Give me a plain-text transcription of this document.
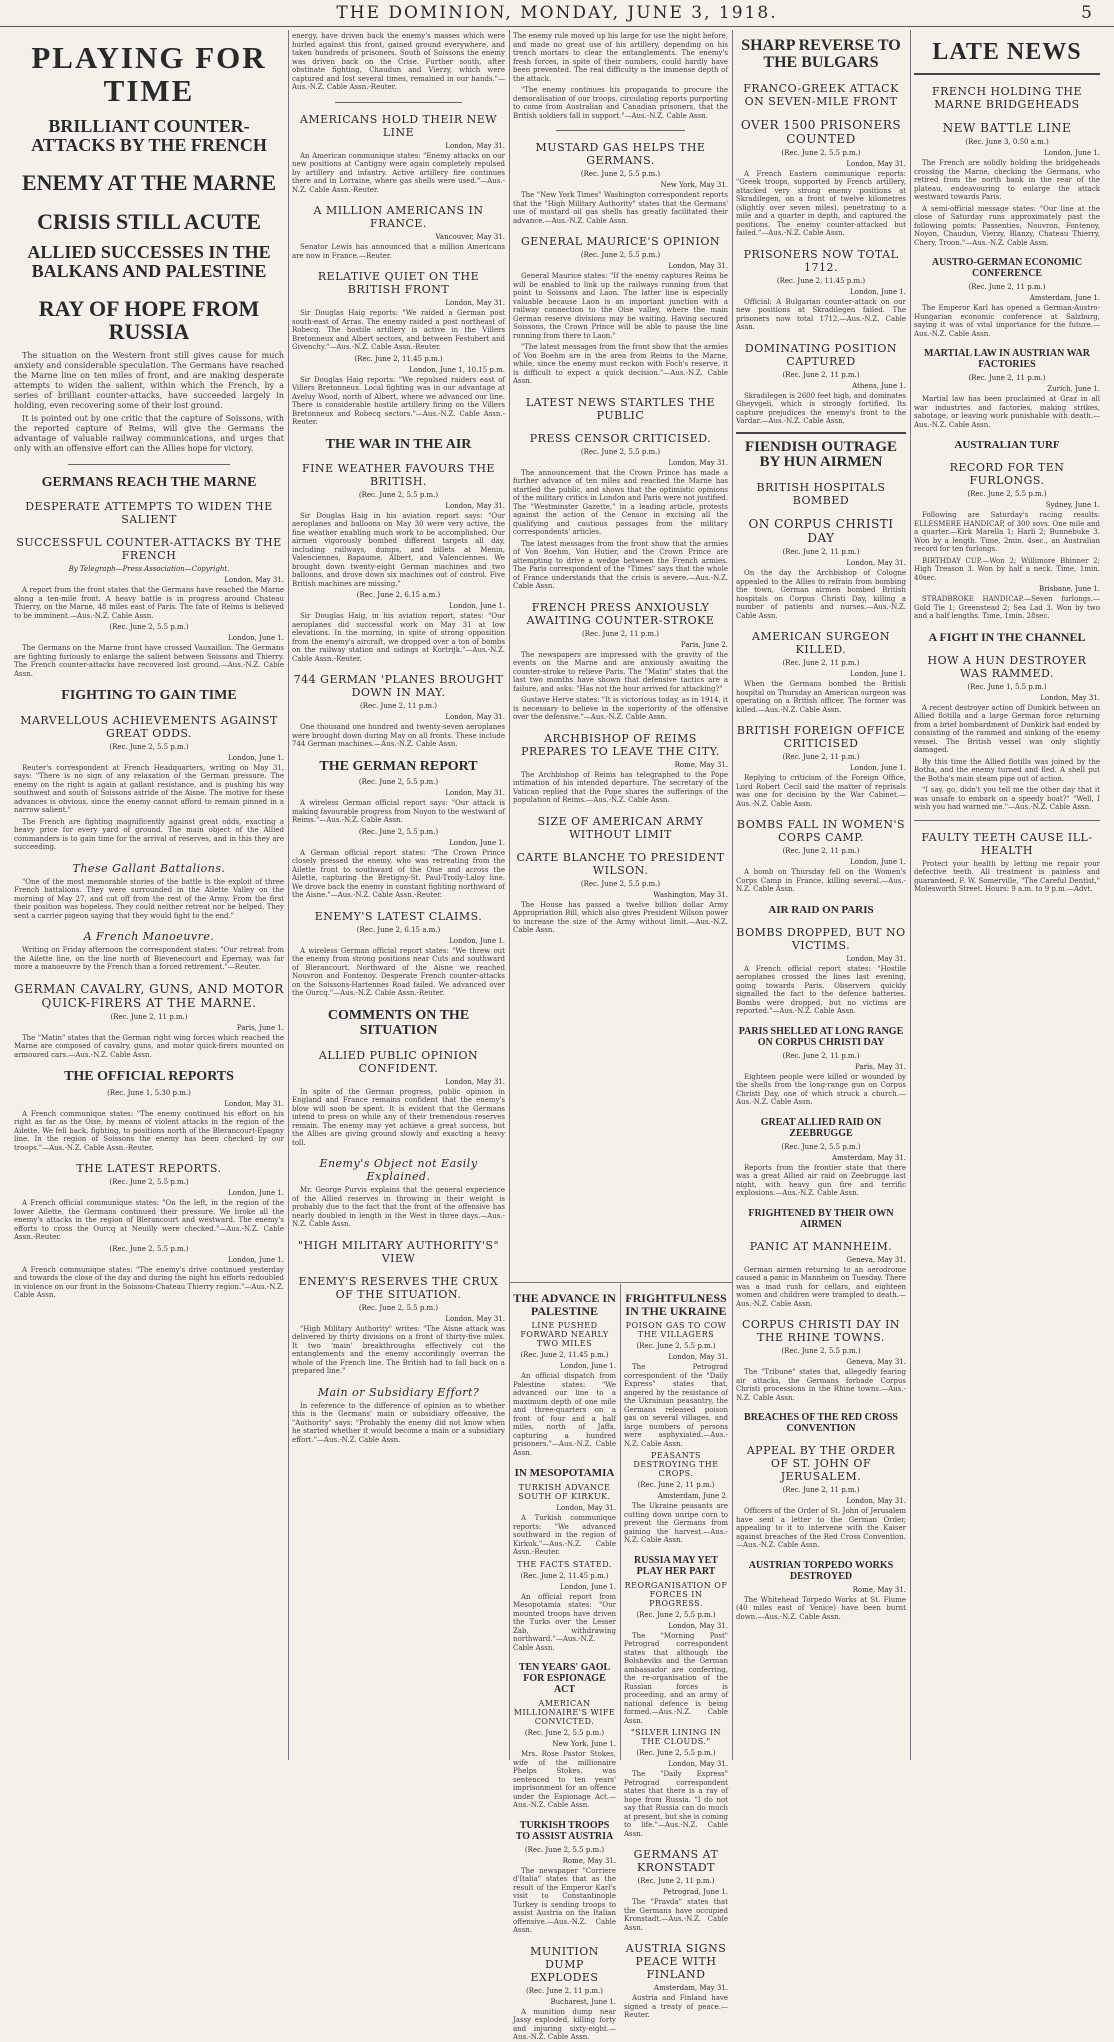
THE DOMINION, MONDAY, JUNE 3, 1918.	5
PLAYING FOR TIME
BRILLIANT COUNTER-ATTACKS BY THE FRENCH
ENEMY AT THE MARNE
CRISIS STILL ACUTE
ALLIED SUCCESSES IN THE BALKANS AND PALESTINE
RAY OF HOPE FROM RUSSIA

The situation on the Western front still gives cause for much anxiety and considerable speculation. The Germans have reached the Marne line on ten miles of front, and are making desperate attempts to widen the salient, within which the French, by a series of brilliant counter-attacks, have succeeded largely in holding, even recovering some of their lost ground.

It is pointed out by one critic that the capture of Soissons, with the reported capture of Reims, will give the Germans the advantage of valuable railway communications, and urges that only with an offensive effort can the Allies hope for victory.

GERMANS REACH THE MARNE
DESPERATE ATTEMPTS TO WIDEN THE SALIENT
SUCCESSFUL COUNTER-ATTACKS BY THE FRENCH
By Telegraph—Press Association—Copyright.
London, May 31.

A report from the front states that the Germans have reached the Marne along a ten-mile front. A heavy battle is in progress around Chateau Thierry, on the Marne, 48 miles east of Paris. The fate of Reims is believed to be imminent.—Aus.-N.Z. Cable Assn.

(Rec. June 2, 5.5 p.m.)
London, June 1.

The Germans on the Marne front have crossed Vauxaillon. The Germans are fighting furiously to enlarge the salient between Soissons and Thierry. The French counter-attacks have recovered lost ground.—Aus.-N.Z. Cable Assn.

FIGHTING TO GAIN TIME
MARVELLOUS ACHIEVEMENTS AGAINST GREAT ODDS.
(Rec. June 2, 5.5 p.m.)
London, June 1.

Reuter's correspondent at French Headquarters, writing on May 31, says: "There is no sign of any relaxation of the German pressure. The enemy on the right is again at gallant resistance, and is pushing his way southwest and south of Soissons astride of the Aisne. The motive for these advances is obvious, since the enemy cannot afford to remain pinned in a narrow salient."

The French are fighting magnificently against great odds, exacting a heavy price for every yard of ground. The main object of the Allied commanders is to gain time for the arrival of reserves, and in this they are succeeding.

These Gallant Battalions.

"One of the most memorable stories of the battle is the exploit of three French battalions. They were surrounded in the Ailette Valley on the morning of May 27, and cut off from the rest of the Army. From the first their position was hopeless. They could neither retreat nor be helped. They sent a carrier pigeon saying that they would fight to the end."

A French Manoeuvre.

Writing on Friday afternoon the correspondent states: "Our retreat from the Ailette line, on the line north of Bievenecourt and Epernay, was far more a manoeuvre by the French than a forced retirement."—Reuter.

GERMAN CAVALRY, GUNS, AND MOTOR QUICK-FIRERS AT THE MARNE.
(Rec. June 2, 11 p.m.)
Paris, June 1.

The "Matin" states that the German right wing forces which reached the Marne are composed of cavalry, guns, and motor quick-firers mounted on armoured cars.—Aus.-N.Z. Cable Assn.

THE OFFICIAL REPORTS
(Rec. June 1, 5.30 p.m.)
London, May 31.

A French communique states: "The enemy continued his effort on his right as far as the Oise, by means of violent attacks in the region of the Ailette. We fell back, fighting, to positions north of the Blerancourt-Epagny line. In the region of Soissons the enemy has been checked by our troops."—Aus.-N.Z. Cable Assn.-Reuter.

THE LATEST REPORTS.
(Rec. June 2, 5.5 p.m.)
London, June 1.

A French official communique states: "On the left, in the region of the lower Ailette, the Germans continued their pressure. We broke all the enemy's attacks in the region of Blerancourt and westward. The enemy's efforts to cross the Ourcq at Neuilly were checked."—Aus.-N.Z. Cable Assn.-Reuter.

(Rec. June 2, 5.5 p.m.)
London, June 1.

A French communique states: "The enemy's drive continued yesterday and towards the close of the day and during the night his efforts redoubled in violence on our front in the Soissons-Chateau Thierry region."—Aus.-N.Z. Cable Assn.

energy, have driven back the enemy's masses which were hurled against this front, gained ground everywhere, and taken hundreds of prisoners. South of Soissons the enemy was driven back on the Crise. Further south, after obstinate fighting, Chaudun and Vierzy, which were captured and lost several times, remained in our hands."—Aus.-N.Z. Cable Assn.-Reuter.

AMERICANS HOLD THEIR NEW LINE
London, May 31.

An American communique states: "Enemy attacks on our new positions at Cantigny were again completely repulsed by artillery and infantry. Active artillery fire continues there and in Lorraine, where gas shells were used."—Aus.-N.Z. Cable Assn.-Reuter.

A MILLION AMERICANS IN FRANCE.
Vancouver, May 31.

Senator Lewis has announced that a million Americans are now in France.—Reuter.

RELATIVE QUIET ON THE BRITISH FRONT
London, May 31.

Sir Douglas Haig reports: "We raided a German post south-east of Arras. The enemy raided a post northeast of Robecq. The hostile artillery is active in the Villers Bretonneux and Albert sectors, and between Festubert and Givenchy."—Aus.-N.Z. Cable Assn.-Reuter.

(Rec. June 2, 11.45 p.m.)
London, June 1, 10.15 p.m.

Sir Douglas Haig reports: "We repulsed raiders east of Villers Bretonneux. Local fighting was in our advantage at Aveluy Wood, north of Albert, where we advanced our line. There is considerable hostile artillery firing on the Villers Bretonneux and Robecq sectors."—Aus.-N.Z. Cable Assn.-Reuter.

THE WAR IN THE AIR
FINE WEATHER FAVOURS THE BRITISH.
(Rec. June 2, 5.5 p.m.)
London, May 31.

Sir Douglas Haig in his aviation report says: "Our aeroplanes and balloons on May 30 were very active, the fine weather enabling much work to be accomplished. Our airmen vigorously bombed different targets all day, including railways, dumps, and billets at Menin, Valenciennes, Bapaume, Albert, and Valenciennes. We brought down twenty-eight German machines and two balloons, and drove down six machines out of control. Five British machines are missing."

(Rec. June 2, 6.15 a.m.)
London, June 1.

Sir Douglas Haig, in his aviation report, states: "Our aeroplanes did successful work on May 31 at low elevations. In the morning, in spite of strong opposition from the enemy's aircraft, we dropped over a ton of bombs on the railway station and sidings at Kortrijk."—Aus.-N.Z. Cable Assn.-Reuter.

744 GERMAN 'PLANES BROUGHT DOWN IN MAY.
(Rec. June 2, 11 p.m.)
London, May 31.

One thousand one hundred and twenty-seven aeroplanes were brought down during May on all fronts. These include 744 German machines.—Aus.-N.Z. Cable Assn.

THE GERMAN REPORT
(Rec. June 2, 5.5 p.m.)
London, May 31.

A wireless German official report says: "Our attack is making favourable progress from Noyon to the westward of Reims."—Aus.-N.Z. Cable Assn.

(Rec. June 2, 5.5 p.m.)
London, June 1.

A German official report states: "The Crown Prince closely pressed the enemy, who was retreating from the Ailette front to southward of the Oise and across the Ailette, capturing the Bretigny-St. Paul-Troily-Laloy line. We drove back the enemy in constant fighting northward of the Aisne."—Aus.-N.Z. Cable Assn.-Reuter.

ENEMY'S LATEST CLAIMS.
(Rec. June 2, 6.15 a.m.)
London, June 1.

A wireless German official report states: "We threw out the enemy from strong positions near Cuts and southward of Blerancourt. Northward of the Aisne we reached Nouvron and Fontenoy. Desperate French counter-attacks on the Soissons-Hartennes Road failed. We advanced over the Ourcq."—Aus.-N.Z. Cable Assn.-Reuter.

COMMENTS ON THE SITUATION
ALLIED PUBLIC OPINION CONFIDENT.
London, May 31.

In spite of the German progress, public opinion in England and France remains confident that the enemy's blow will soon be spent. It is evident that the Germans intend to press on while any of their tremendous reserves remain. The enemy may yet achieve a great success, but the Allies are giving ground slowly and exacting a heavy toll.

Enemy's Object not Easily Explained.

Mr. George Purvis explains that the general experience of the Allied reserves in throwing in their weight is probably due to the fact that the front of the offensive has nearly doubled in length in the West in three days.—Aus.-N.Z. Cable Assn.

"HIGH MILITARY AUTHORITY'S" VIEW
ENEMY'S RESERVES THE CRUX OF THE SITUATION.
(Rec. June 2, 5.5 p.m.)
London, May 31.

"High Military Authority" writes: "The Aisne attack was delivered by thirty divisions on a front of thirty-five miles. It two 'main' breakthroughs effectively cut the entanglements and the enemy accordingly overran the whole of the French line. The British had to fall back on a prepared line."

Main or Subsidiary Effort?

In reference to the difference of opinion as to whether this is the Germans' main or subsidiary offensive, the "Authority" says: "Probably the enemy did not know when he started whether it would become a main or a subsidiary effort."—Aus.-N.Z. Cable Assn.

The enemy rule moved up his large for use the night before, and made no great use of his artillery, depending on his trench mortars to clear the entanglements. The enemy's fresh forces, in spite of their numbers, could hardly have been prevented. The real difficulty is the immense depth of the attack.

"The enemy continues his propaganda to procure the demoralisation of our troops, circulating reports purporting to come from Australian and Canadian prisoners, that the British soldiers fall in support."—Aus.-N.Z. Cable Assn.

MUSTARD GAS HELPS THE GERMANS.
(Rec. June 2, 5.5 p.m.)
New York, May 31.

The "New York Times" Washington correspondent reports that the "High Military Authority" states that the Germans' use of mustard oil gas shells has greatly facilitated their advance.—Aus.-N.Z. Cable Assn.

GENERAL MAURICE'S OPINION
(Rec. June 2, 5.5 p.m.)
London, May 31.

General Maurice states: "If the enemy captures Reims he will be enabled to link up the railways running from that point to Soissons and Laon. The latter line is especially valuable because Laon is an important junction with a railway connection to the Oise valley, where the main German reserve divisions may be waiting. Having secured Soissons, the Crown Prince will be able to pause the line running from there to Laon."

"The latest messages from the front show that the armies of Von Boehm are in the area from Reims to the Marne, while, since the enemy must reckon with Foch's reserve, it is difficult to expect a quick decision."—Aus.-N.Z. Cable Assn.

LATEST NEWS STARTLES THE PUBLIC
PRESS CENSOR CRITICISED.
(Rec. June 2, 5.5 p.m.)
London, May 31.

The announcement that the Crown Prince has made a further advance of ten miles and reached the Marne has startled the public, and shows that the optimistic opinions of the military critics in London and Paris were not justified. The "Westminster Gazette," in a leading article, protests against the action of the Censor in excising all the qualifying and cautious passages from the military correspondents' articles.

The latest messages from the front show that the armies of Von Boehm, Von Hutier, and the Crown Prince are attempting to drive a wedge between the French armies. The Paris correspondent of the "Times" says that the whole of France understands that the crisis is severe.—Aus.-N.Z. Cable Assn.

FRENCH PRESS ANXIOUSLY AWAITING COUNTER-STROKE
(Rec. June 2, 11 p.m.)
Paris, June 2.

The newspapers are impressed with the gravity of the events on the Marne and are anxiously awaiting the counter-stroke to relieve Paris. The "Matin" states that the last two months have shown that defensive tactics are a failure, and asks: "Has not the hour arrived for attacking?"

Gustave Herve states: "It is victorious today, as in 1914, it is necessary to believe in the superiority of the offensive over the defensive."—Aus.-N.Z. Cable Assn.

ARCHBISHOP OF REIMS PREPARES TO LEAVE THE CITY.
Rome, May 31.

The Archbishop of Reims has telegraphed to the Pope intimation of his intended departure. The secretary of the Vatican replied that the Pope shares the sufferings of the population of Reims.—Aus.-N.Z. Cable Assn.

SIZE OF AMERICAN ARMY WITHOUT LIMIT
CARTE BLANCHE TO PRESIDENT WILSON.
(Rec. June 2, 5.5 p.m.)
Washington, May 31.

The House has passed a twelve billion dollar Army Appropriation Bill, which also gives President Wilson power to increase the size of the Army without limit.—Aus.-N.Z. Cable Assn.

THE ADVANCE IN PALESTINE
LINE PUSHED FORWARD NEARLY TWO MILES
(Rec. June 2, 11.45 p.m.)
London, June 1.

An official dispatch from Palestine states: "We advanced our line to a maximum depth of one mile and three-quarters on a front of four and a half miles, north of Jaffa, capturing a hundred prisoners."—Aus.-N.Z. Cable Assn.

IN MESOPOTAMIA
TURKISH ADVANCE SOUTH OF KIRKUK.
London, May 31.

A Turkish communique reports: "We advanced southward in the region of Kirkuk."—Aus.-N.Z. Cable Assn.-Reuter.

THE FACTS STATED.
(Rec. June 2, 11.45 p.m.)
London, June 1.

An official report from Mesopotamia states: "Our mounted troops have driven the Turks over the Lesser Zab, withdrawing northward."—Aus.-N.Z. Cable Assn.

TEN YEARS' GAOL FOR ESPIONAGE ACT
AMERICAN MILLIONAIRE'S WIFE CONVICTED.
(Rec. June 2, 5.5 p.m.)
New York, June 1.

Mrs. Rose Pastor Stokes, wife of the millionaire Phelps Stokes, was sentenced to ten years' imprisonment for an offence under the Espionage Act.—Aus.-N.Z. Cable Assn.

TURKISH TROOPS TO ASSIST AUSTRIA
(Rec. June 2, 5.5 p.m.)
Rome, May 31.

The newspaper "Corriere d'Italia" states that as the result of the Emperor Karl's visit to Constantinople Turkey is sending troops to assist Austria on the Italian offensive.—Aus.-N.Z. Cable Assn.

MUNITION DUMP EXPLODES
(Rec. June 2, 11 p.m.)
Bucharest, June 1.

A munition dump near Jassy exploded, killing forty and injuring sixty-eight.—Aus.-N.Z. Cable Assn.

FRIGHTFULNESS IN THE UKRAINE
POISON GAS TO COW THE VILLAGERS
(Rec. June 2, 5.5 p.m.)
London, May 31.

The Petrograd correspondent of the "Daily Express" states that, angered by the resistance of the Ukrainian peasantry, the Germans released poison gas on several villages, and large numbers of persons were asphyxiated.—Aus.-N.Z. Cable Assn.

PEASANTS DESTROYING THE CROPS.
(Rec. June 2, 11 p.m.)
Amsterdam, June 2.

The Ukraine peasants are cutting down unripe corn to prevent the Germans from gaining the harvest.—Aus.-N.Z. Cable Assn.

RUSSIA MAY YET PLAY HER PART
REORGANISATION OF FORCES IN PROGRESS.
(Rec. June 2, 5.5 p.m.)
London, May 31.

The "Morning Post" Petrograd correspondent states that although the Bolsheviks and the German ambassador are conferring, the re-organisation of the Russian forces is proceeding, and an army of national defence is being formed.—Aus.-N.Z. Cable Assn.

"SILVER LINING IN THE CLOUDS."
(Rec. June 2, 5.5 p.m.)
London, May 31.

The "Daily Express" Petrograd correspondent states that there is a ray of hope from Russia. "I do not say that Russia can do much at present, but she is coming to life."—Aus.-N.Z. Cable Assn.

GERMANS AT KRONSTADT
(Rec. June 2, 11 p.m.)
Petrograd, June 1.

The "Pravda" states that the Germans have occupied Kronstadt.—Aus.-N.Z. Cable Assn.

AUSTRIA SIGNS PEACE WITH FINLAND
Amsterdam, May 31.

Austria and Finland have signed a treaty of peace.—Reuter.

SHARP REVERSE TO THE BULGARS
FRANCO-GREEK ATTACK ON SEVEN-MILE FRONT
OVER 1500 PRISONERS COUNTED
(Rec. June 2, 5.5 p.m.)
London, May 31.

A French Eastern communique reports: "Greek troops, supported by French artillery, attacked very strong enemy positions at Skradilegen, on a front of twelve kilometres (slightly over seven miles), penetrating to a mile and a quarter in depth, and captured the positions. The enemy counter-attacked but failed."—Aus.-N.Z. Cable Assn.

PRISONERS NOW TOTAL 1712.
(Rec. June 2, 11.45 p.m.)
London, June 1.

Official: A Bulgarian counter-attack on our new positions at Skradilegen failed. The prisoners now total 1712.—Aus.-N.Z. Cable Assn.

DOMINATING POSITION CAPTURED
(Rec. June 2, 11 p.m.)
Athens, June 1.

Skradilegen is 2600 feet high, and dominates Gheyvgeli, which is strongly fortified. Its capture prejudices the enemy's front to the Vardar.—Aus.-N.Z. Cable Assn.

FIENDISH OUTRAGE BY HUN AIRMEN
BRITISH HOSPITALS BOMBED
ON CORPUS CHRISTI DAY
(Rec. June 2, 11 p.m.)
London, May 31.

On the day the Archbishop of Cologne appealed to the Allies to refrain from bombing the town, German airmen bombed British hospitals on Corpus Christi Day, killing a number of patients and nurses.—Aus.-N.Z. Cable Assn.

AMERICAN SURGEON KILLED.
(Rec. June 2, 11 p.m.)
London, June 1.

When the Germans bombed the British hospital on Thursday an American surgeon was operating on a British officer. The former was killed.—Aus.-N.Z. Cable Assn.

BRITISH FOREIGN OFFICE CRITICISED
(Rec. June 2, 11 p.m.)
London, June 1.

Replying to criticism of the Foreign Office, Lord Robert Cecil said the matter of reprisals was one for decision by the War Cabinet.—Aus.-N.Z. Cable Assn.

BOMBS FALL IN WOMEN'S CORPS CAMP.
(Rec. June 2, 11 p.m.)
London, June 1.

A bomb on Thursday fell on the Women's Corps Camp in France, killing several.—Aus.-N.Z. Cable Assn.

AIR RAID ON PARIS
BOMBS DROPPED, BUT NO VICTIMS.
London, May 31.

A French official report states: "Hostile aeroplanes crossed the lines last evening, going towards Paris. Observers quickly signalled the fact to the defence batteries. Bombs were dropped, but no victims are reported."—Aus.-N.Z. Cable Assn.

PARIS SHELLED AT LONG RANGE ON CORPUS CHRISTI DAY
(Rec. June 2, 11 p.m.)
Paris, May 31.

Eighteen people were killed or wounded by the shells from the long-range gun on Corpus Christi Day, one of which struck a church.—Aus.-N.Z. Cable Assn.

GREAT ALLIED RAID ON ZEEBRUGGE
(Rec. June 2, 5.5 p.m.)
Amsterdam, May 31.

Reports from the frontier state that there was a great Allied air raid on Zeebrugge last night, with heavy gun fire and terrific explosions.—Aus.-N.Z. Cable Assn.

FRIGHTENED BY THEIR OWN AIRMEN
PANIC AT MANNHEIM.
Geneva, May 31.

German airmen returning to an aerodrome caused a panic in Mannheim on Tuesday. There was a mad rush for cellars, and eighteen women and children were trampled to death.—Aus.-N.Z. Cable Assn.

CORPUS CHRISTI DAY IN THE RHINE TOWNS.
(Rec. June 2, 5.5 p.m.)
Geneva, May 31.

The "Tribune" states that, allegedly fearing air attacks, the Germans forbade Corpus Christi processions in the Rhine towns.—Aus.-N.Z. Cable Assn.

BREACHES OF THE RED CROSS CONVENTION
APPEAL BY THE ORDER OF ST. JOHN OF JERUSALEM.
(Rec. June 2, 11 p.m.)
London, May 31.

Officers of the Order of St. John of Jerusalem have sent a letter to the German Order, appealing to it to intervene with the Kaiser against breaches of the Red Cross Convention.—Aus.-N.Z. Cable Assn.

AUSTRIAN TORPEDO WORKS DESTROYED
Rome, May 31.

The Whitehead Torpedo Works at St. Fiume (40 miles east of Venice) have been burnt down.—Aus.-N.Z. Cable Assn.

LATE NEWS
FRENCH HOLDING THE MARNE BRIDGEHEADS
NEW BATTLE LINE
(Rec. June 3, 0.50 a.m.)
London, June 1.

The French are solidly holding the bridgeheads crossing the Marne, checking the Germans, who retired from the north bank in the rear of the plateau, endeavouring to enlarge the attack westward towards Paris.

A semi-official message states: "Our line at the close of Saturday runs approximately past the following points: Passenties, Nouvron, Fontenoy, Noyon, Chaudun, Vierzy, Blanzy, Chateau Thierry, Chery, Troon."—Aus.-N.Z. Cable Assn.

AUSTRO-GERMAN ECONOMIC CONFERENCE
(Rec. June 2, 11 p.m.)
Amsterdam, June 1.

The Emperor Karl has opened a German-Austro-Hungarian economic conference at Salzburg, saying it was of vital importance for the future.—Aus.-N.Z. Cable Assn.

MARTIAL LAW IN AUSTRIAN WAR FACTORIES
(Rec. June 2, 11 p.m.)
Zurich, June 1.

Martial law has been proclaimed at Graz in all war industries and factories, making strikes, sabotage, or leaving work punishable with death.—Aus.-N.Z. Cable Assn.

AUSTRALIAN TURF
RECORD FOR TEN FURLONGS.
(Rec. June 2, 5.5 p.m.)
Sydney, June 1.

Following are Saturday's racing results: ELLESMERE HANDICAP, of 300 sovs. One mile and a quarter.—Kirk Marella 1; Harli 2; Bunnebuke 3. Won by a length. Time, 2min. 4sec., an Australian record for ten furlongs.

BIRTHDAY CUP.—Won 2; Willimore Bhinner 2; High Treason 3. Won by half a neck. Time, 1min. 40sec.

Brisbane, June 1.

STRADBROKE HANDICAP.—Seven furlongs.—Gold Tie 1; Greenstead 2; Sea Lad 3. Won by two and a half lengths. Time, 1min. 28sec.

A FIGHT IN THE CHANNEL
HOW A HUN DESTROYER WAS RAMMED.
(Rec. June 1, 5.5 p.m.)
London, May 31.

A recent destroyer action off Dunkirk between an Allied flotilla and a large German force returning from a brief bombardment of Dunkirk had ended by consisting of the rammed and sinking of the enemy vessel. The British vessel was only slightly damaged.

By this time the Allied flotilla was joined by the Botha, and the enemy turned and fled. A shell put the Botha's main steam pipe out of action.

"I say, go, didn't you tell me the other day that it was unsafe to embark on a speedy boat?" "Well, I wish you had warned me."—Aus.-N.Z. Cable Assn.

FAULTY TEETH CAUSE ILL-HEALTH

Protect your health by letting me repair your defective teeth. All treatment is painless and guaranteed. F. W. Somerville, "The Careful Dentist," Molesworth Street. Hours: 9 a.m. to 9 p.m.—Advt.
